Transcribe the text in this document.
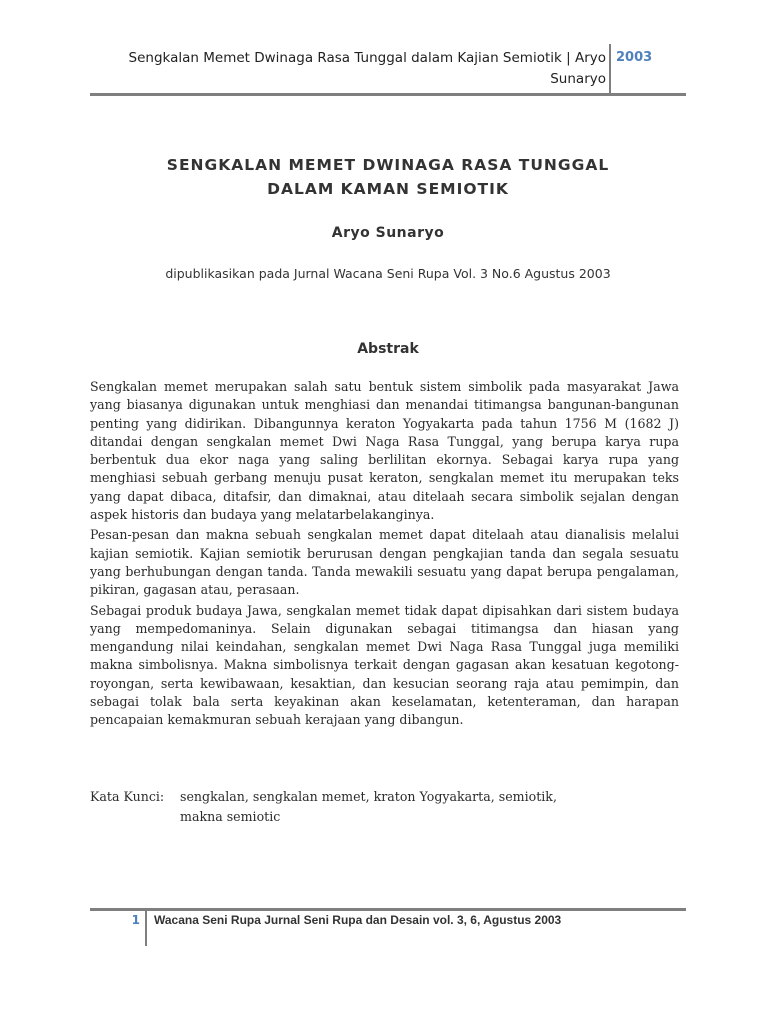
Sengkalan Memet Dwinaga Rasa Tunggal dalam Kajian Semiotik | Aryo
Sunaryo
2003
SENGKALAN MEMET DWINAGA RASA TUNGGAL
DALAM KAMAN SEMIOTIK
Aryo Sunaryo
dipublikasikan pada Jurnal Wacana Seni Rupa Vol. 3 No.6 Agustus 2003
Abstrak

Sengkalan memet merupakan salah satu bentuk sistem simbolik pada masyarakat Jawa yang biasanya digunakan untuk menghiasi dan menandai titimangsa bangunan-bangunan penting yang didirikan. Dibangunnya keraton Yogyakarta pada tahun 1756 M (1682 J) ditandai dengan sengkalan memet Dwi Naga Rasa Tunggal, yang berupa karya rupa berbentuk dua ekor naga yang saling berlilitan ekornya. Sebagai karya rupa yang menghiasi sebuah gerbang menuju pusat keraton, sengkalan memet itu merupakan teks yang dapat dibaca, ditafsir, dan dimaknai, atau ditelaah secara simbolik sejalan dengan aspek historis dan budaya yang melatarbelakanginya.

Pesan-pesan dan makna sebuah sengkalan memet dapat ditelaah atau dianalisis melalui kajian semiotik. Kajian semiotik berurusan dengan pengkajian tanda dan segala sesuatu yang berhubungan dengan tanda. Tanda mewakili sesuatu yang dapat berupa pengalaman, pikiran, gagasan atau, perasaan.

Sebagai produk budaya Jawa, sengkalan memet tidak dapat dipisahkan dari sistem budaya yang mempedomaninya. Selain digunakan sebagai titimangsa dan hiasan yang mengandung nilai keindahan, sengkalan memet Dwi Naga Rasa Tunggal juga memiliki makna simbolisnya. Makna simbolisnya terkait dengan gagasan akan kesatuan kegotong-royongan, serta kewibawaan, kesaktian, dan kesucian seorang raja atau pemimpin, dan sebagai tolak bala serta keyakinan akan keselamatan, ketenteraman, dan harapan pencapaian kemakmuran sebuah kerajaan yang dibangun.

Kata Kunci:	sengkalan, sengkalan memet, kraton Yogyakarta, semiotik,
makna semiotic
1 Wacana Seni Rupa Jurnal Seni Rupa dan Desain vol. 3, 6, Agustus 2003
